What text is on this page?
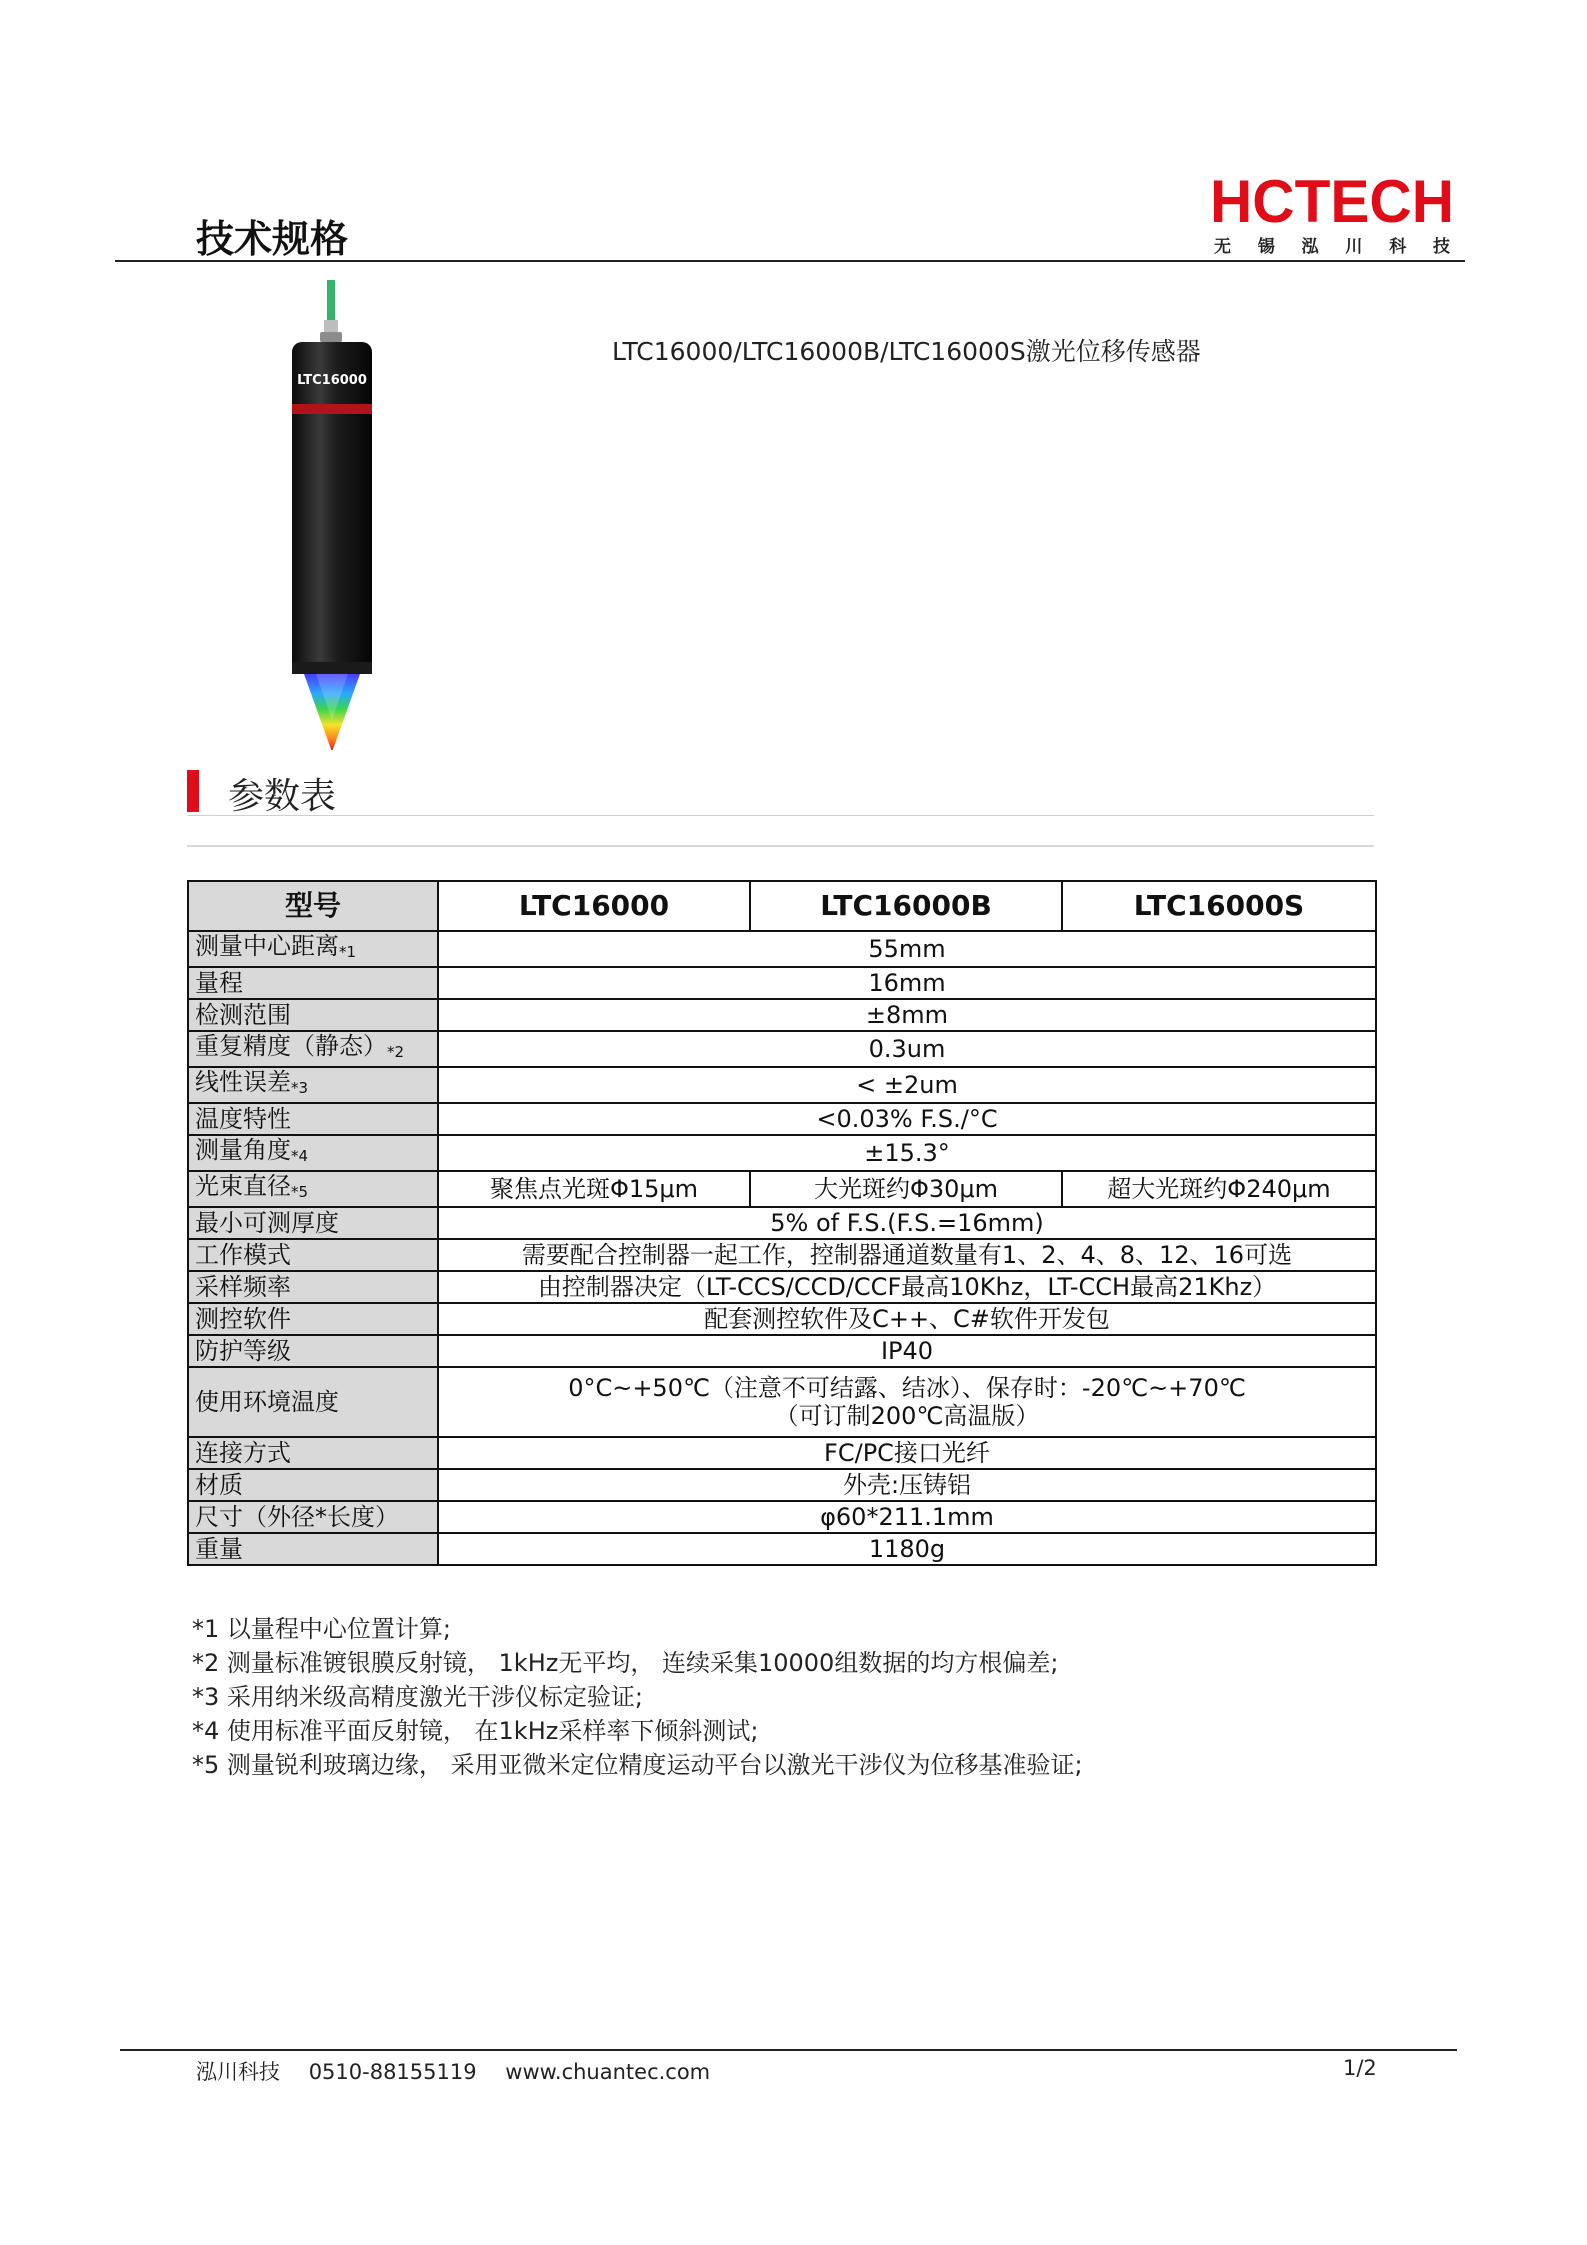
技术规格
HCTECH
无 锡 泓 川 科 技
LTC16000
LTC16000/LTC16000B/LTC16000S激光位移传感器
参数表
型号	LTC16000	LTC16000B	LTC16000S
测量中心距离*1	55mm		
量程	16mm		
检测范围	±8mm		
重复精度（静态）*2	0.3um		
线性误差*3	< ±2um		
温度特性	<0.03% F.S./°C		
测量角度*4	±15.3°		
光束直径*5	聚焦点光斑Φ15μm	大光斑约Φ30μm	超大光斑约Φ240μm
最小可测厚度	5% of F.S.(F.S.=16mm)		
工作模式	需要配合控制器一起工作，控制器通道数量有1、2、4、8、12、16可选		
采样频率	由控制器决定（LT-CCS/CCD/CCF最高10Khz，LT-CCH最高21Khz）		
测控软件	配套测控软件及C++、C#软件开发包		
防护等级	IP40		
使用环境温度	0°C~+50℃（注意不可结露、结冰）、保存时：-20℃~+70℃
（可订制200℃高温版）		

连接方式	FC/PC接口光纤		
材质	外壳:压铸铝		
尺寸（外径*长度）	φ60*211.1mm		
重量	1180g		
*1 以量程中心位置计算;
*2 测量标准镀银膜反射镜， 1kHz无平均， 连续采集10000组数据的均方根偏差;
*3 采用纳米级高精度激光干涉仪标定验证;
*4 使用标准平面反射镜， 在1kHz采样率下倾斜测试;
*5 测量锐利玻璃边缘， 采用亚微米定位精度运动平台以激光干涉仪为位移基准验证;
泓川科技 0510-88155119 www.chuantec.com	1/2
